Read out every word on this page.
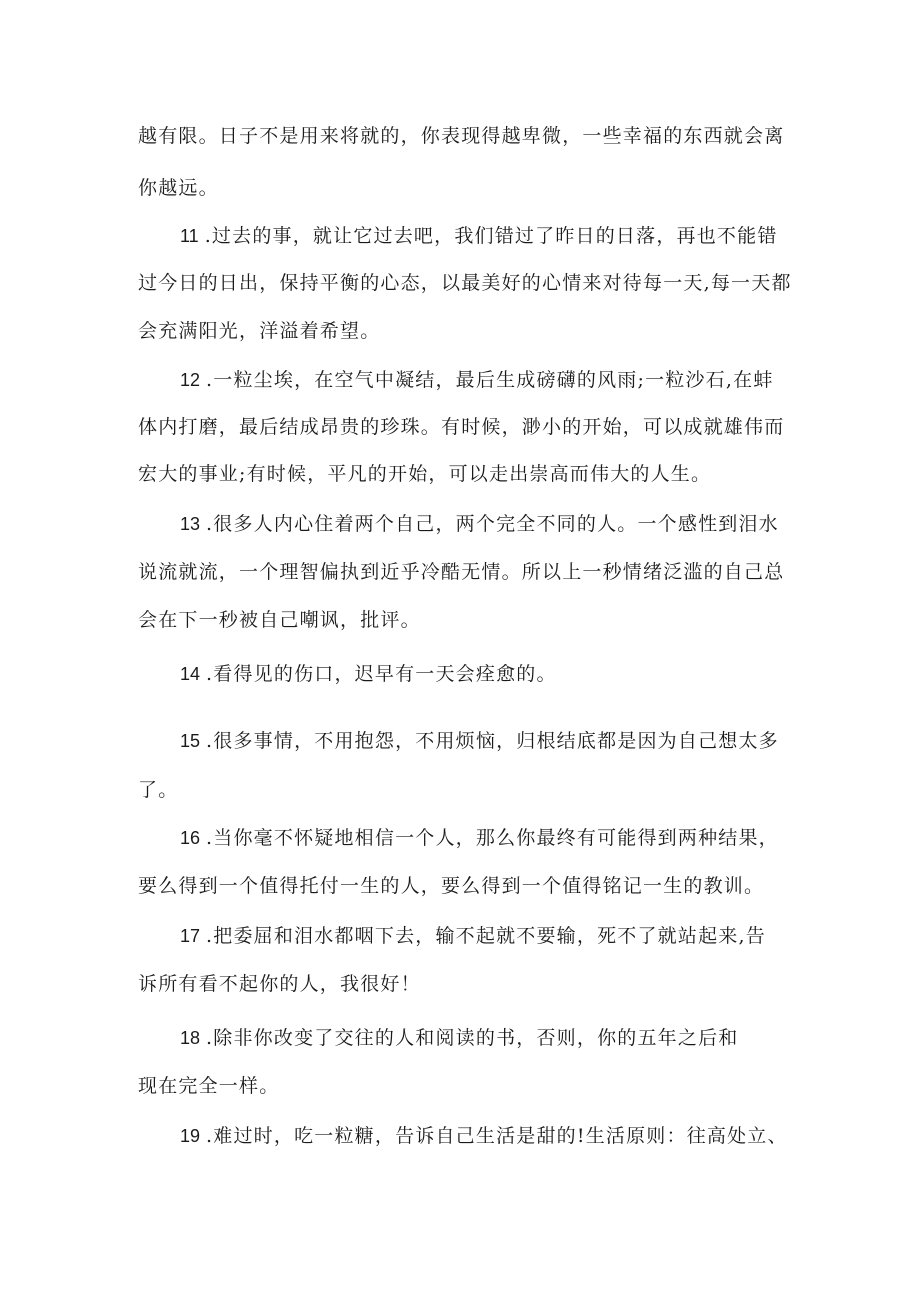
越有限。日子不是用来将就的，你表现得越卑微，一些幸福的东西就会离
你越远。
11 .过去的事，就让它过去吧，我们错过了昨日的日落，再也不能错
过今日的日出，保持平衡的心态，以最美好的心情来对待每一天,每一天都
会充满阳光，洋溢着希望。
12 .一粒尘埃，在空气中凝结，最后生成磅礴的风雨;一粒沙石,在蚌
体内打磨，最后结成昂贵的珍珠。有时候，渺小的开始，可以成就雄伟而
宏大的事业;有时候，平凡的开始，可以走出崇高而伟大的人生。
13 .很多人内心住着两个自己，两个完全不同的人。一个感性到泪水
说流就流，一个理智偏执到近乎冷酷无情。所以上一秒情绪泛滥的自己总
会在下一秒被自己嘲讽，批评。
14 .看得见的伤口，迟早有一天会痊愈的。
15 .很多事情，不用抱怨，不用烦恼，归根结底都是因为自己想太多
了。
16 .当你毫不怀疑地相信一个人，那么你最终有可能得到两种结果，
要么得到一个值得托付一生的人，要么得到一个值得铭记一生的教训。
17 .把委屈和泪水都咽下去，输不起就不要输，死不了就站起来,告
诉所有看不起你的人，我很好！
18 .除非你改变了交往的人和阅读的书，否则，你的五年之后和
现在完全一样。
19 .难过时，吃一粒糖，告诉自己生活是甜的!生活原则：往高处立、
